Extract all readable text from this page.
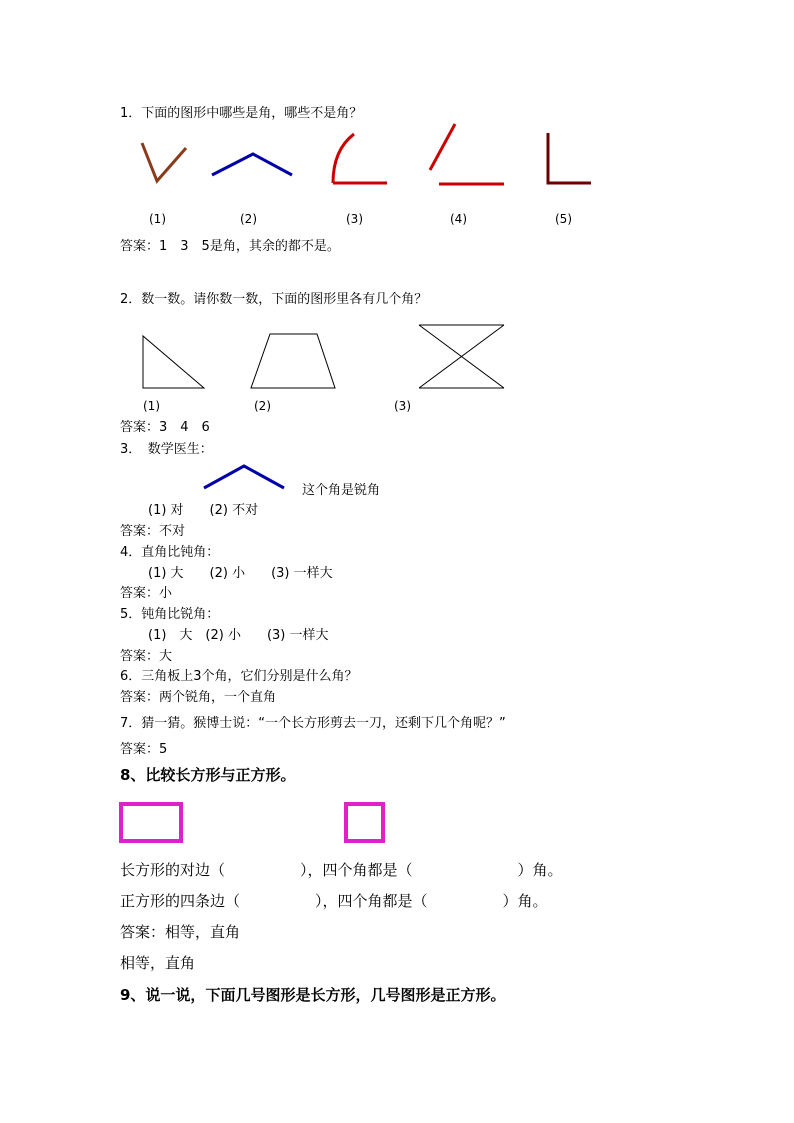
1．下面的图形中哪些是角，哪些不是角？
(1)	(2)	(3)	(4)	(5)
答案：1　3　5是角，其余的都不是。
2．数一数。请你数一数，下面的图形里各有几个角？
(1)	(2)	(3)
答案：3　4　6
3．　数学医生：
这个角是锐角
(1) 对　　(2) 不对
答案：不对
4．直角比钝角：
(1) 大　　(2) 小　　(3) 一样大
答案：小
5．钝角比锐角：
(1)　大　(2) 小　　(3) 一样大
答案：大
6．三角板上3个角，它们分别是什么角？
答案：两个锐角，一个直角
7．猜一猜。猴博士说：“一个长方形剪去一刀，还剩下几个角呢？”
答案：5
8、比较长方形与正方形。
长方形的对边（　　　　　），四个角都是（　　　　　　　）角。
正方形的四条边（　　　　　），四个角都是（　　　　　）角。
答案：相等，直角
相等，直角
9、说一说，下面几号图形是长方形，几号图形是正方形。
